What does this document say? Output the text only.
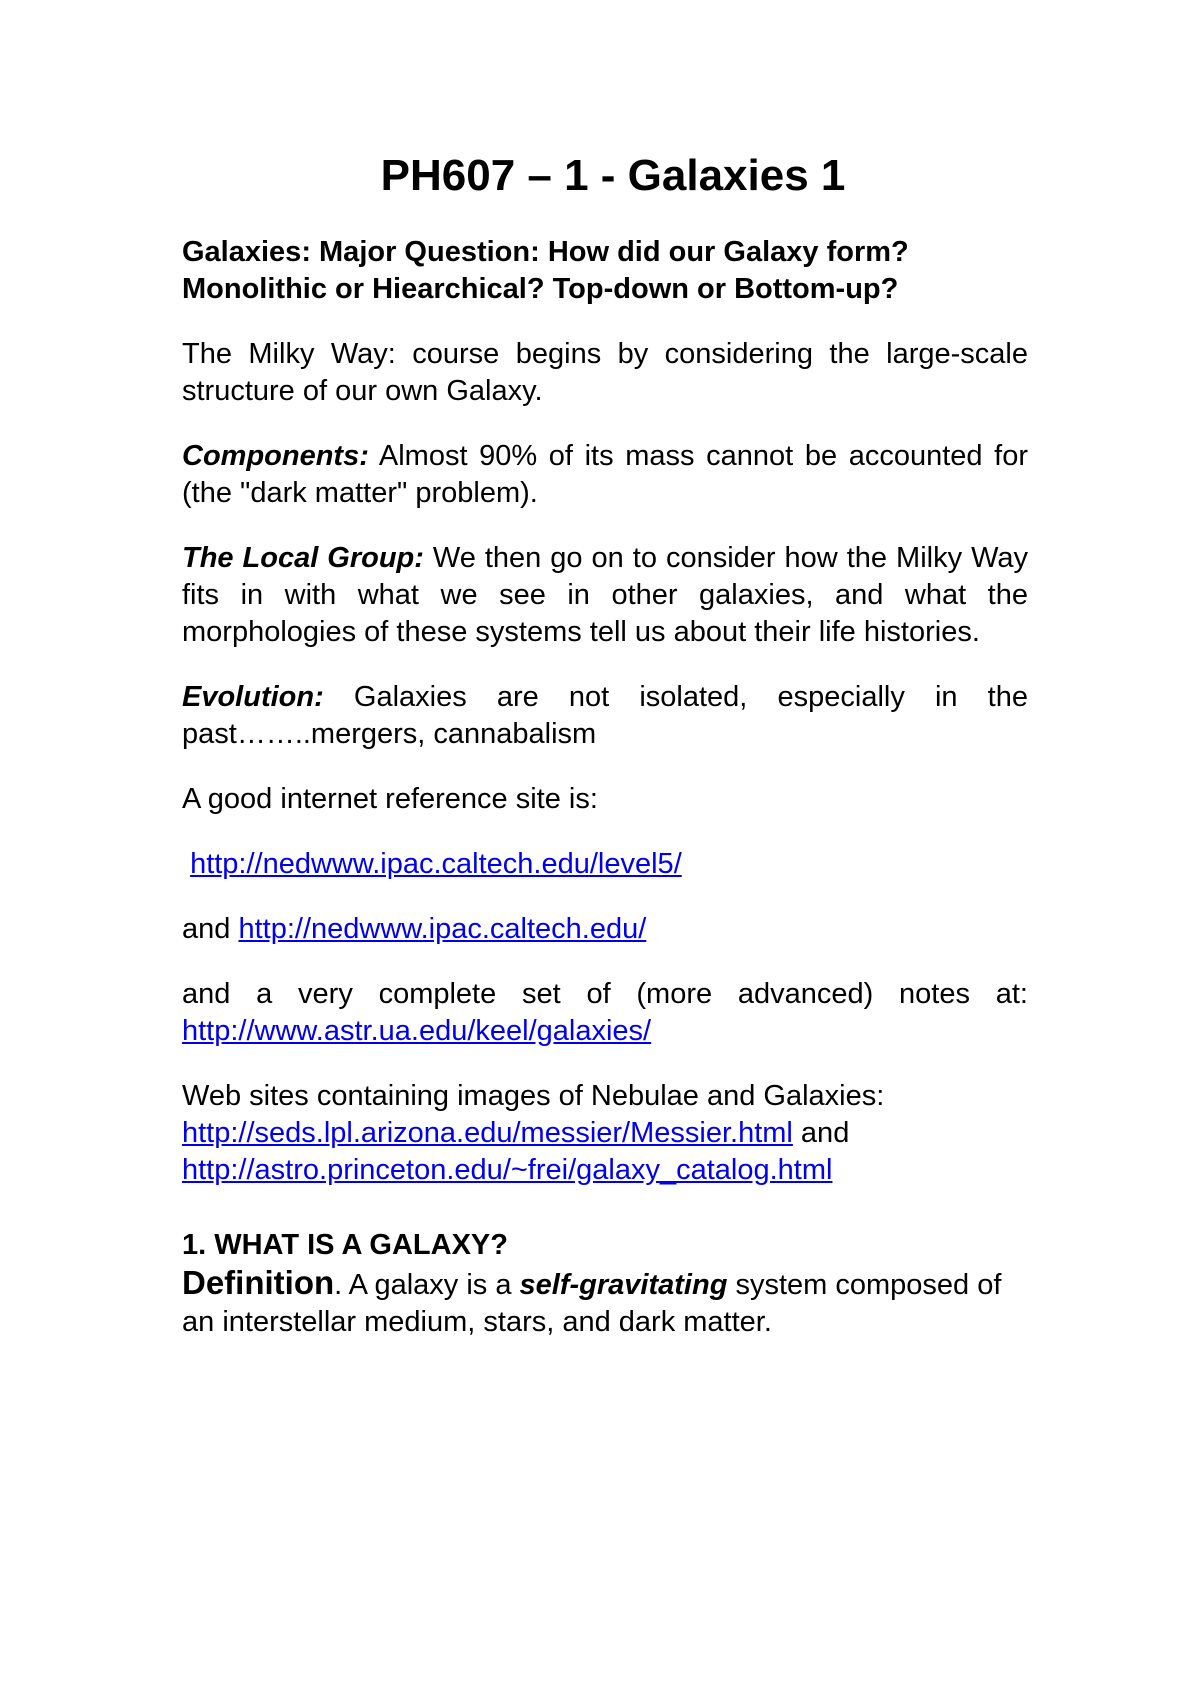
PH607 – 1 - Galaxies 1
Galaxies: Major Question: How did our Galaxy form?
Monolithic or Hiearchical? Top-down or Bottom-up?
The Milky Way: course begins by considering the large-scale structure of our own Galaxy.
Components: Almost 90% of its mass cannot be accounted for (the "dark matter" problem).
The Local Group: We then go on to consider how the Milky Way fits in with what we see in other galaxies, and what the morphologies of these systems tell us about their life histories.
Evolution: Galaxies are not isolated, especially in the past……..mergers, cannabalism
A good internet reference site is:
http://nedwww.ipac.caltech.edu/level5/
and http://nedwww.ipac.caltech.edu/
and a very complete set of (more advanced) notes at:
http://www.astr.ua.edu/keel/galaxies/
Web sites containing images of Nebulae and Galaxies:
http://seds.lpl.arizona.edu/messier/Messier.html and
http://astro.princeton.edu/~frei/galaxy_catalog.html
1. WHAT IS A GALAXY?
Definition. A galaxy is a self-gravitating system composed of an interstellar medium, stars, and dark matter.
